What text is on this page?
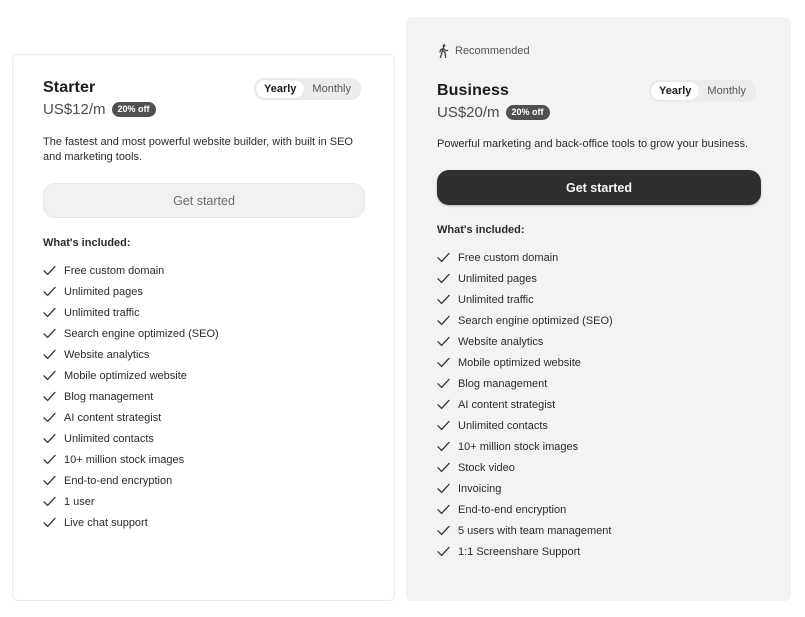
Starter
US$12/m	20% off
Yearly	Monthly
The fastest and most powerful website builder, with built in SEO and marketing tools.
Get started
What's included:
Free custom domain
Unlimited pages
Unlimited traffic
Search engine optimized (SEO)
Website analytics
Mobile optimized website
Blog management
AI content strategist
Unlimited contacts
10+ million stock images
End-to-end encryption
1 user
Live chat support
Recommended
Business
US$20/m	20% off
Yearly	Monthly
Powerful marketing and back-office tools to grow your business.
Get started
What's included:
Free custom domain
Unlimited pages
Unlimited traffic
Search engine optimized (SEO)
Website analytics
Mobile optimized website
Blog management
AI content strategist
Unlimited contacts
10+ million stock images
Stock video
Invoicing
End-to-end encryption
5 users with team management
1:1 Screenshare Support
